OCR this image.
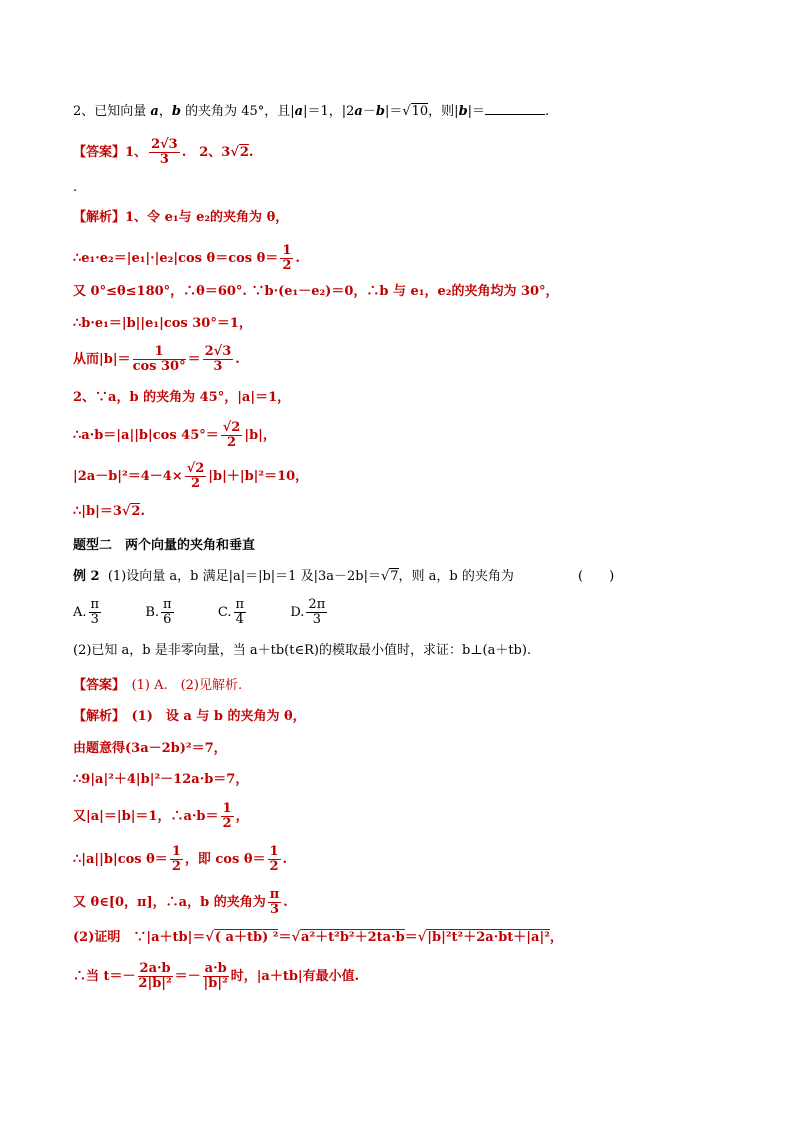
2、已知向量 a，b 的夹角为 45°，且|a|＝1，|2a－b|＝√10，则|b|＝	.
【答案】1、 $\frac{2√3}{3}$ .　2、3√2.
.
【解析】1、令 e₁与 e₂的夹角为 θ，
∴e₁·e₂＝|e₁|·|e₂|cos θ＝cos $\theta= \frac{1}{2}$ .
又 0°≤θ≤180°，∴θ＝60°. ∵b·(e₁－e₂)＝0，∴b 与 e₁，e₂的夹角均为 30°，
∴b·e₁＝|b||e₁|cos 30°＝1，
从而$|b|= \frac{1}{\cos 30^\circ} = \frac{2√3}{3}$ .
2、∵a，b 的夹角为 45°，|a|＝1，
∴a·b＝|a||b|cos $45^\circ= \frac{√2}{2} |b|$，
$|2a-b|^2=4-4\times \frac{√2}{2} |b|+|b|^2=10$，
∴|b|＝3√2.
题型二　两个向量的夹角和垂直
例 2 (1)设向量 a，b 满足|a|＝|b|＝1 及|3a－2b|＝√7，则 a，b 的夹角为	(　　)
A. $\frac{\pi}{3}$	B. $\frac{\pi}{6}$	C. $\frac{\pi}{4}$	D. $\frac{2\pi}{3}$
(2)已知 a，b 是非零向量，当 a＋tb(t∈R)的模取最小值时，求证：b⊥(a＋tb).
【答案】　(1) A.　(2)见解析.
【解析】　(1)　设 a 与 b 的夹角为 θ，
由题意得(3a－2b)²＝7，
∴9|a|²＋4|b|²－12a·b＝7，
又|a|＝|b|＝1，∴a·b＝ $\frac{1}{2}$ ，
∴|a||b|cos $\theta= \frac{1}{2}$ ，即 $\cos \theta= \frac{1}{2}$ .
又 θ∈[0，π]，∴a，b 的夹角为 $\frac{\pi}{3}$ .
(2)证明　∵|a＋tb|＝√( a＋tb) ²＝√a²＋t²b²＋2ta·b＝√|b|²t²＋2a·bt＋|a|²，
∴当 $t=- \frac{2a\cdot b}{\text{2|b|²}} =- \frac{a\cdot b}{\text{|b|²}}$ 时，|a＋tb|有最小值.
